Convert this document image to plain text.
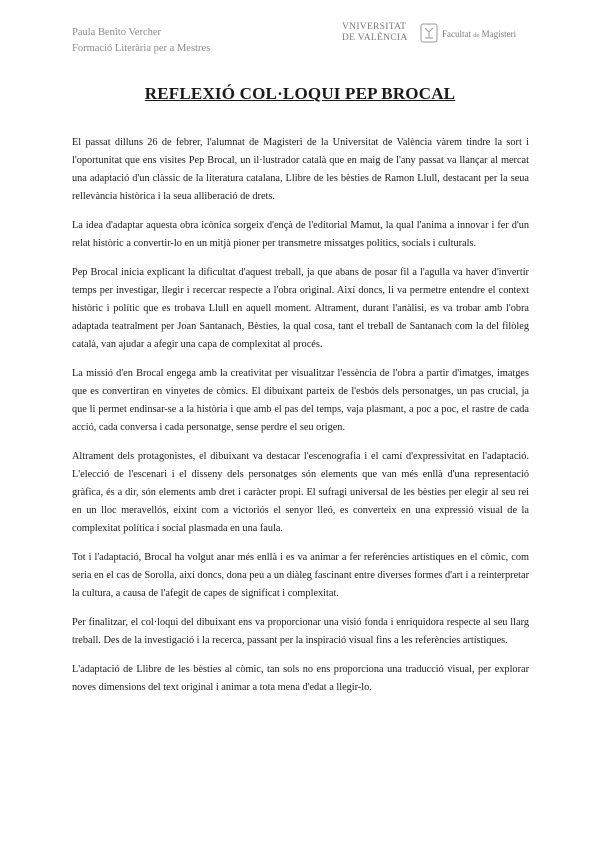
Paula Benito Vercher
Formació Literària per a Mestres
VNIVERSITAT
DE VALÈNCIA	Facultat de Magisteri
REFLEXIÓ COL·LOQUI PEP BROCAL

El passat dilluns 26 de febrer, l'alumnat de Magisteri de la Universitat de València vàrem tindre la sort i l'oportunitat que ens visites Pep Brocal, un il·lustrador català que en maig de l'any passat va llançar al mercat una adaptació d'un clàssic de la literatura catalana, Llibre de les bèsties de Ramon Llull, destacant per la seua rellevància històrica i la seua alliberació de drets.

La idea d'adaptar aquesta obra icònica sorgeix d'ençà de l'editorial Mamut, la qual l'anima a innovar i fer d'un relat històric a convertir-lo en un mitjà pioner per transmetre missatges polítics, socials i culturals.

Pep Brocal inicia explicant la dificultat d'aquest treball, ja que abans de posar fil a l'agulla va haver d'invertir temps per investigar, llegir i recercar respecte a l'obra original. Així doncs, li va permetre entendre el context històric i polític que es trobava Llull en aquell moment. Altrament, durant l'anàlisi, es va trobar amb l'obra adaptada teatralment per Joan Santanach, Bèsties, la qual cosa, tant el treball de Santanach com la del filòleg català, van ajudar a afegir una capa de complexitat al procés.

La missió d'en Brocal engega amb la creativitat per visualitzar l'essència de l'obra a partir d'imatges, imatges que es convertiran en vinyetes de còmics. El dibuixant parteix de l'esbós dels personatges, un pas crucial, ja que li permet endinsar-se a la història i que amb el pas del temps, vaja plasmant, a poc a poc, el rastre de cada acció, cada conversa i cada personatge, sense perdre el seu origen.

Altrament dels protagonistes, el dibuixant va destacar l'escenografia i el camí d'expressivitat en l'adaptació. L'elecció de l'escenari i el disseny dels personatges són elements que van més enllà d'una representació gràfica, és a dir, són elements amb dret i caràcter propi. El sufragi universal de les bèsties per elegir al seu rei en un lloc meravellós, eixint com a victoriós el senyor lleó, es converteix en una expressió visual de la complexitat política i social plasmada en una faula.

Tot i l'adaptació, Brocal ha volgut anar més enllà i es va animar a fer referències artístiques en el còmic, com seria en el cas de Sorolla, així doncs, dona peu a un diàleg fascinant entre diverses formes d'art i a reinterpretar la cultura, a causa de l'afegit de capes de significat i complexitat.

Per finalitzar, el col·loqui del dibuixant ens va proporcionar una visió fonda i enriquidora respecte al seu llarg treball. Des de la investigació i la recerca, passant per la inspiració visual fins a les referències artístiques.

L'adaptació de Llibre de les bèsties al còmic, tan sols no ens proporciona una traducció visual, per explorar noves dimensions del text original i animar a tota mena d'edat a llegir-lo.
